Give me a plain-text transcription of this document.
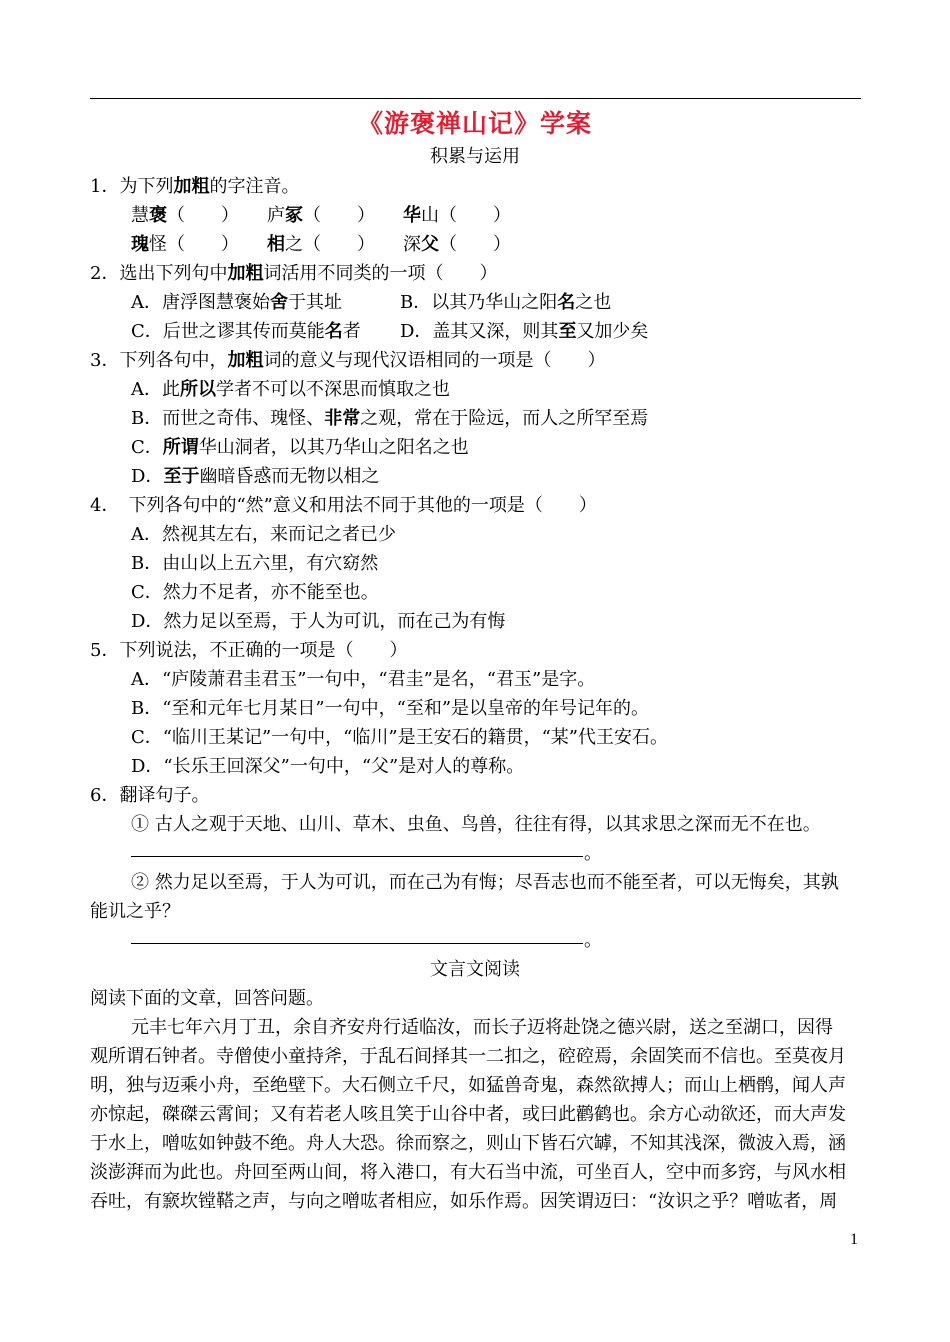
《游褒禅山记》学案
积累与运用
1．为下列加粗的字注音。
慧褒（　　） 庐冢（　　） 华山（　　）
瑰怪（　　） 相之（　　） 深父（　　）
2．选出下列句中加粗词活用不同类的一项（　　）
A．唐浮图慧褒始舍于其址	B．以其乃华山之阳名之也
C．后世之谬其传而莫能名者 D．盖其又深，则其至又加少矣
3．下列各句中，加粗词的意义与现代汉语相同的一项是（　　）
A．此所以学者不可以不深思而慎取之也
B．而世之奇伟、瑰怪、非常之观，常在于险远，而人之所罕至焉
C．所谓华山洞者，以其乃华山之阳名之也
D．至于幽暗昏惑而无物以相之
4．　下列各句中的“然”意义和用法不同于其他的一项是（　　）
A．然视其左右，来而记之者已少
B．由山以上五六里，有穴窈然
C．然力不足者，亦不能至也。
D．然力足以至焉，于人为可讥，而在己为有悔
5．下列说法，不正确的一项是（　　）
A．“庐陵萧君圭君玉”一句中，“君圭”是名，“君玉”是字。
B．“至和元年七月某日”一句中，“至和”是以皇帝的年号记年的。
C．“临川王某记”一句中，“临川”是王安石的籍贯，“某”代王安石。
D．“长乐王回深父”一句中，“父”是对人的尊称。
6．翻译句子。
① 古人之观于天地、山川、草木、虫鱼、鸟兽，往往有得，以其求思之深而无不在也。
。
② 然力足以至焉，于人为可讥，而在己为有悔；尽吾志也而不能至者，可以无悔矣，其孰
能讥之乎？
。
文言文阅读
阅读下面的文章，回答问题。
元丰七年六月丁丑，余自齐安舟行适临汝，而长子迈将赴饶之德兴尉，送之至湖口，因得
观所谓石钟者。寺僧使小童持斧，于乱石间择其一二扣之，硿硿焉，余固笑而不信也。至莫夜月
明，独与迈乘小舟，至绝壁下。大石侧立千尺，如猛兽奇鬼，森然欲搏人；而山上栖鹘，闻人声
亦惊起，磔磔云霄间；又有若老人咳且笑于山谷中者，或曰此鹳鹤也。余方心动欲还，而大声发
于水上，噌吰如钟鼓不绝。舟人大恐。徐而察之，则山下皆石穴罅，不知其浅深，微波入焉，涵
淡澎湃而为此也。舟回至两山间，将入港口，有大石当中流，可坐百人，空中而多窍，与风水相
吞吐，有窾坎镗鞳之声，与向之噌吰者相应，如乐作焉。因笑谓迈曰：“汝识之乎？噌吰者，周
1
